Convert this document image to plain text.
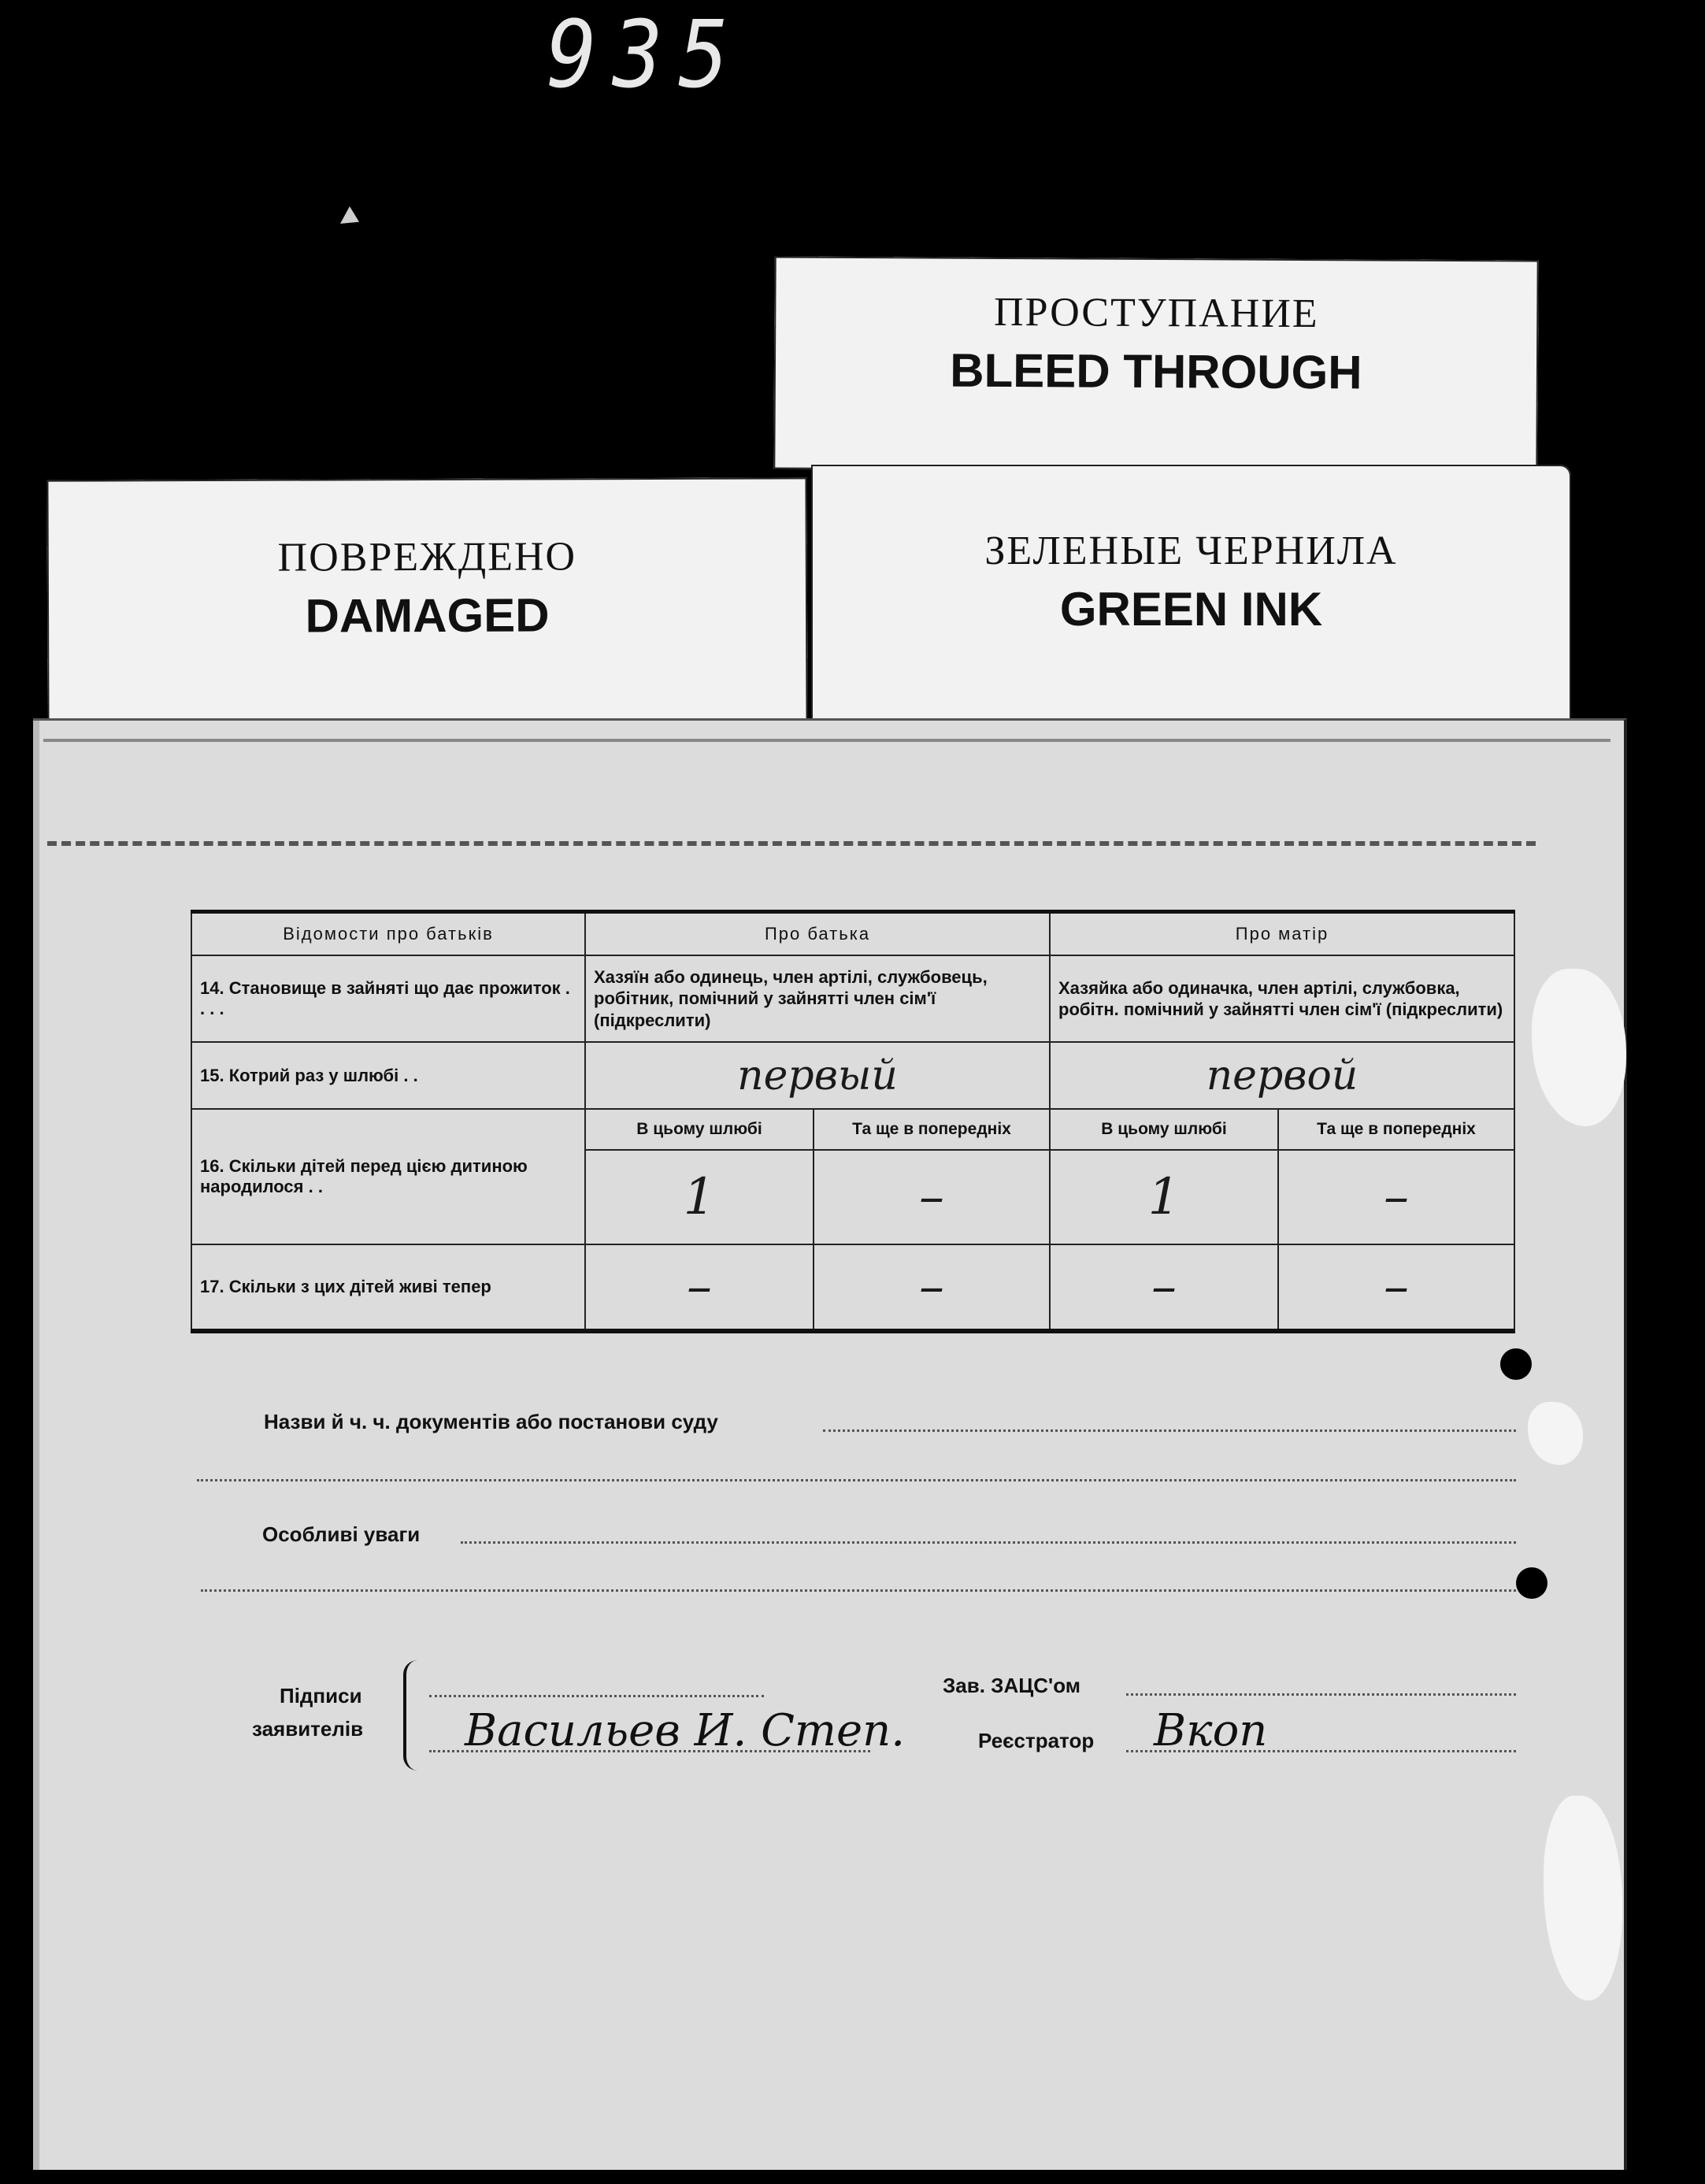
935
ПРОСТУПАНИЕ
BLEED THROUGH
ПОВРЕЖДЕНО
DAMAGED
ЗЕЛЕНЫЕ ЧЕРНИЛА
GREEN INK
Відомости про батьків	Про батька		Про матір	
14. Становище в зайняті що дає прожиток . . . .	Хазяїн або одинець, член артілі, службовець, робітник, помічний у зайнятті член сім'ї (підкреслити)		Хазяйка або одиначка, член артілі, службовка, робітн. помічний у зайнятті член сім'ї (підкреслити)	
15. Котрий раз у шлюбі . .	первый		первой	
16. Скільки дітей перед цією дитиною народилося . .	В цьому шлюбі	Та ще в попередніх	В цьому шлюбі	Та ще в попередніх
	1	–	1	–
17. Скільки з цих дітей живі тепер	–	–	–	–
Назви й ч. ч. документів або постанови суду
Особливі уваги
Підписи
заявителів Васильев И. Степ.
Зав. ЗАЦС'ом
Реєстратор Вкоп
